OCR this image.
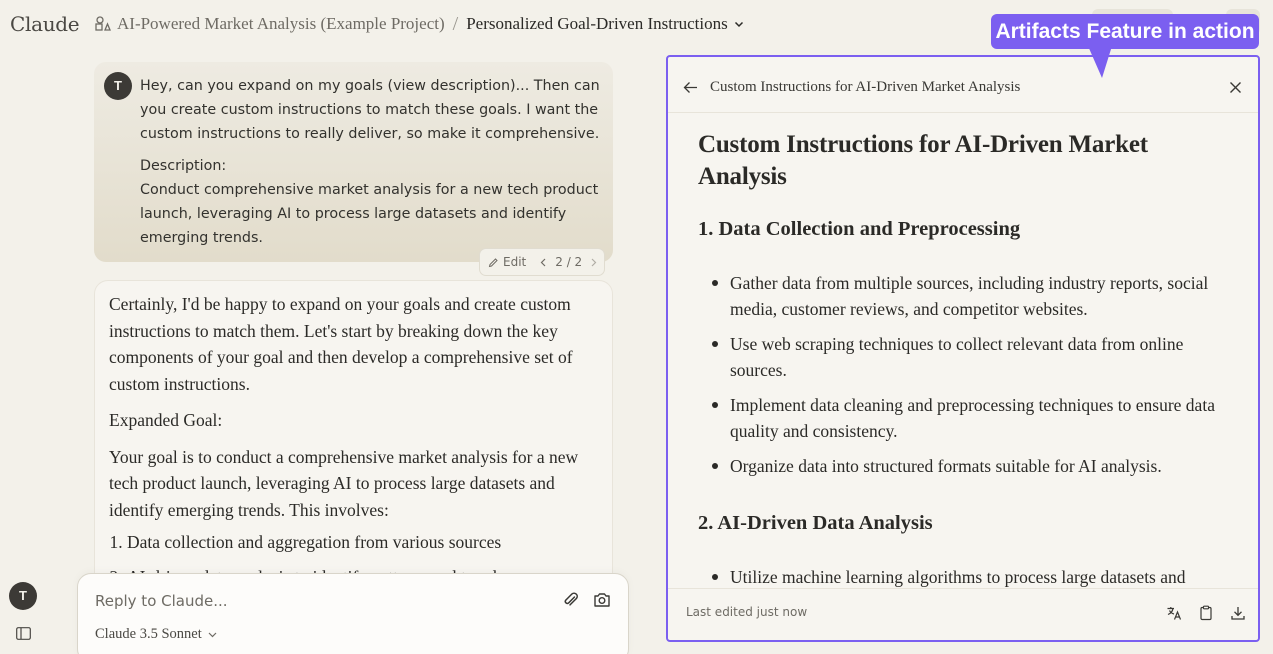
Claude AI-Powered Market Analysis (Example Project) / Personalized Goal-Driven Instructions	Artifacts Feature in action
T	Hey, can you expand on my goals (view description)... Then can you create custom instructions to match these goals. I want the custom instructions to really deliver, so make it comprehensive.

Description:
Conduct comprehensive market analysis for a new tech product launch, leveraging AI to process large datasets and identify emerging trends.

Edit 2 / 2

Certainly, I'd be happy to expand on your goals and create custom instructions to match them. Let's start by breaking down the key components of your goal and then develop a comprehensive set of custom instructions.

Expanded Goal:

Your goal is to conduct a comprehensive market analysis for a new tech product launch, leveraging AI to process large datasets and identify emerging trends. This involves:

1. Data collection and aggregation from various sources
2.
Reply to Claude...
Claude 3.5 Sonnet
T
Custom Instructions for AI-Driven Market Analysis
Custom Instructions for AI-Driven Market Analysis
1. Data Collection and Preprocessing
Gather data from multiple sources, including industry reports, social media, customer reviews, and competitor websites.
Use web scraping techniques to collect relevant data from online sources.
Implement data cleaning and preprocessing techniques to ensure data quality and consistency.
Organize data into structured formats suitable for AI analysis.
2. AI-Driven Data Analysis
Utilize machine learning algorithms to process large datasets and
Last edited just now
